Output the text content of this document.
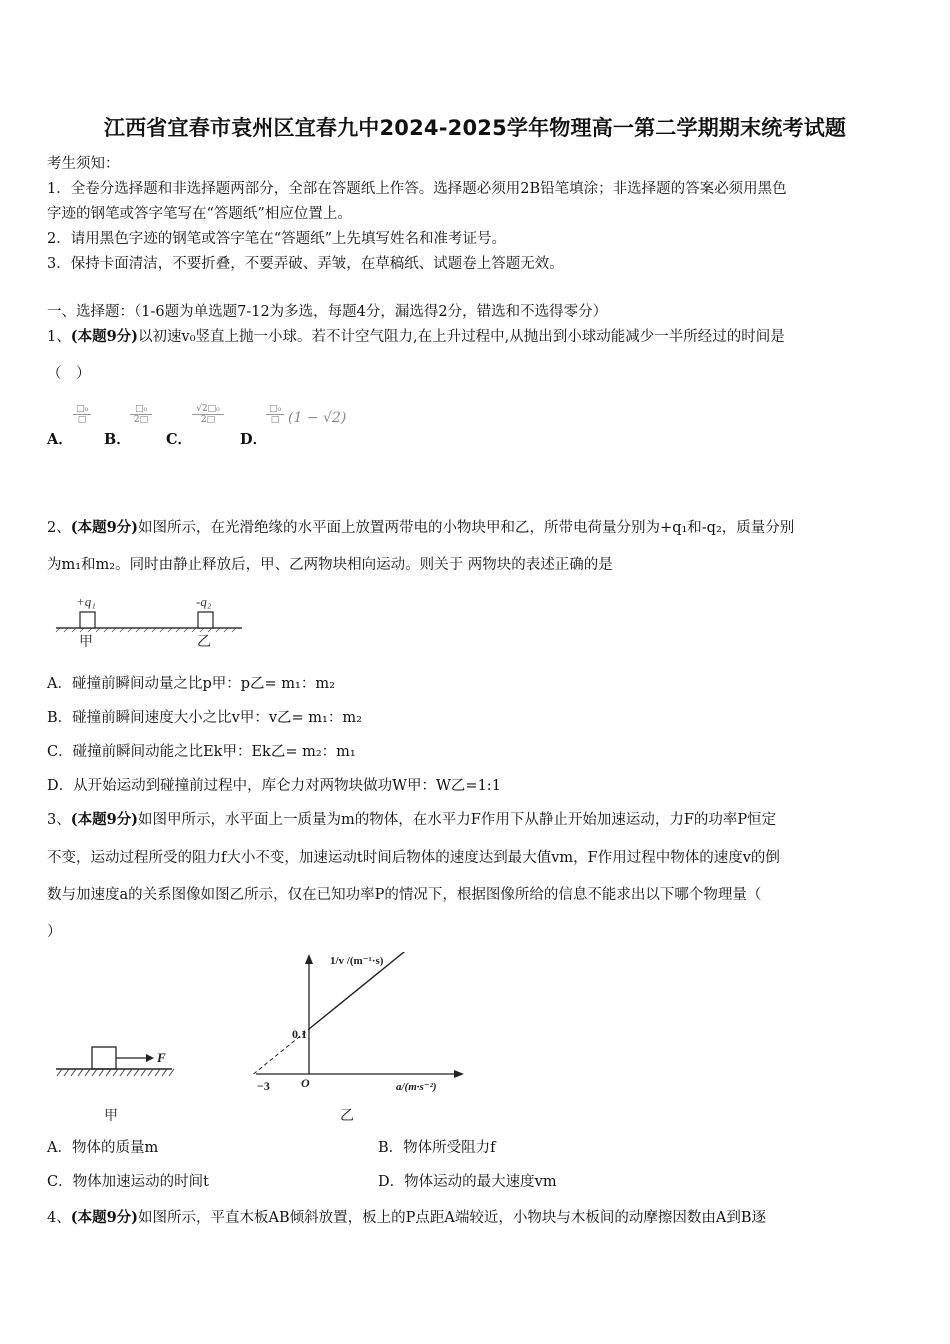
江西省宜春市袁州区宜春九中2024-2025学年物理高一第二学期期末统考试题
考生须知：
1．全卷分选择题和非选择题两部分，全部在答题纸上作答。选择题必须用2B铅笔填涂；非选择题的答案必须用黑色
字迹的钢笔或答字笔写在“答题纸”相应位置上。
2．请用黑色字迹的钢笔或答字笔在“答题纸”上先填写姓名和准考证号。
3．保持卡面清洁，不要折叠，不要弄破、弄皱，在草稿纸、试题卷上答题无效。
一、选择题：（1-6题为单选题7-12为多选，每题4分，漏选得2分，错选和不选得零分）
1、(本题9分)以初速v₀竖直上抛一小球。若不计空气阻力,在上升过程中,从抛出到小球动能减少一半所经过的时间是
（　）
A．
□₀
□
B．
□₀
2□
C．
$\frac{\text{√2□₀}}{2□}$
D．
□₀
□ (1 − √2)
2、(本题9分)如图所示，在光滑绝缘的水平面上放置两带电的小物块甲和乙，所带电荷量分别为+q₁和-q₂，质量分别
为m₁和m₂。同时由静止释放后，甲、乙两物块相向运动。则关于 两物块的表述正确的是
+q₁	-q₂
甲	乙
A．碰撞前瞬间动量之比p甲：p乙= m₁：m₂
B．碰撞前瞬间速度大小之比v甲：v乙= m₁：m₂
C．碰撞前瞬间动能之比Ek甲：Ek乙= m₂：m₁
D．从开始运动到碰撞前过程中，库仑力对两物块做功W甲：W乙=1:1
3、(本题9分)如图甲所示，水平面上一质量为m的物体，在水平力F作用下从静止开始加速运动，力F的功率P恒定
不变，运动过程所受的阻力f大小不变，加速运动t时间后物体的速度达到最大值vm，F作用过程中物体的速度v的倒
数与加速度a的关系图像如图乙所示，仅在已知功率P的情况下，根据图像所给的信息不能求出以下哪个物理量（
）
F
甲
1/v /(m⁻¹·s)
0.1
−3	O	a/(m·s⁻²)
乙
A．物体的质量m	B．物体所受阻力f
C．物体加速运动的时间t	D．物体运动的最大速度vm
4、(本题9分)如图所示，平直木板AB倾斜放置，板上的P点距A端较近，小物块与木板间的动摩擦因数由A到B逐
